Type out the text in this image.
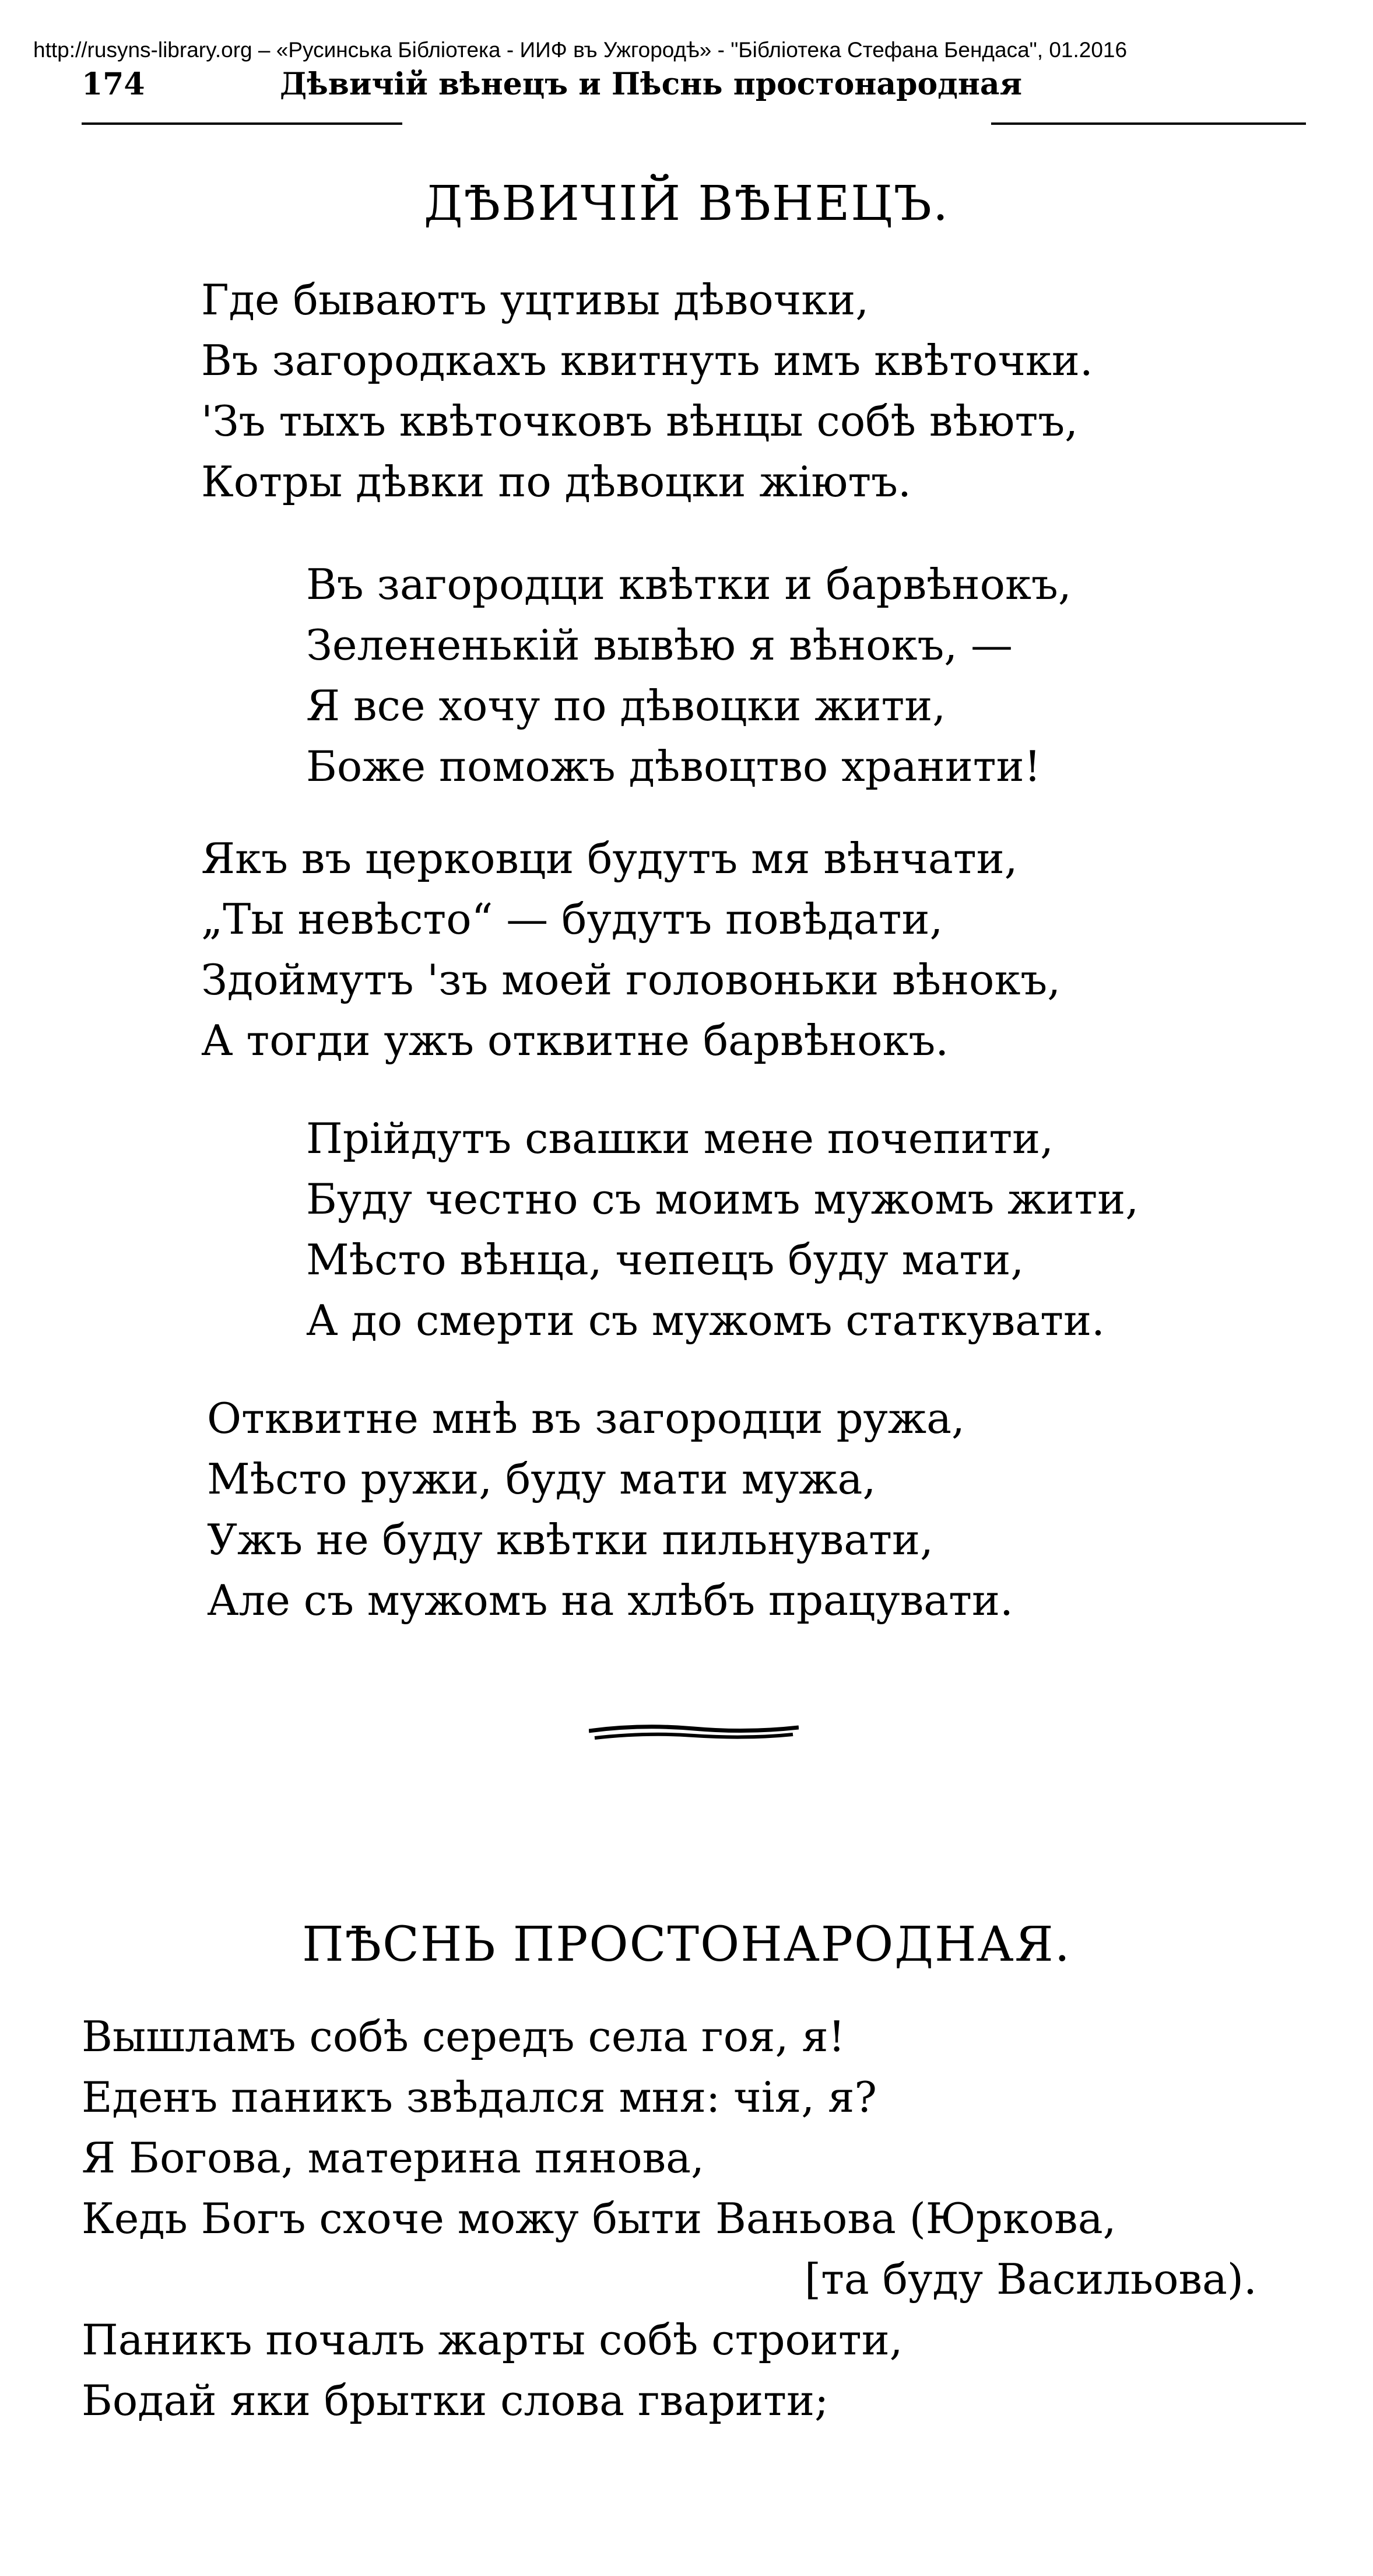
http://rusyns-library.org – «Русинська Бібліотека - ИИФ въ Ужгородѣ» - "Бібліотека Стефана Бендаса", 01.2016
174	Дѣвичій вѣнецъ и Пѣснь простонародная
ДѢВИЧІЙ ВѢНЕЦЪ.
Где бываютъ уцтивы дѣвочки,
Въ загородкахъ квитнуть имъ квѣточки.
'Зъ тыхъ квѣточковъ вѣнцы собѣ вѣютъ,
Котры дѣвки по дѣвоцки жіютъ.
Въ загородци квѣтки и барвѣнокъ,
Зелененькій вывѣю я вѣнокъ, —
Я все хочу по дѣвоцки жити,
Боже поможъ дѣвоцтво хранити!
Якъ въ церковци будутъ мя вѣнчати,
„Ты невѣсто“ — будутъ повѣдати,
Здоймутъ 'зъ моей головоньки вѣнокъ,
А тогди ужъ отквитне барвѣнокъ.
Прійдутъ свашки мене почепити,
Буду честно съ моимъ мужомъ жити,
Мѣсто вѣнца, чепецъ буду мати,
А до смерти съ мужомъ статкувати.
Отквитне мнѣ въ загородци ружа,
Мѣсто ружи, буду мати мужа,
Ужъ не буду квѣтки пильнувати,
Але съ мужомъ на хлѣбъ працувати.
ПѢСНЬ ПРОСТОНАРОДНАЯ.
Вышламъ собѣ середъ села гоя, я!
Еденъ паникъ звѣдался мня: чія, я?
Я Богова, материна пянова,
Кедь Богъ схоче можу быти Ваньова (Юркова,
[та буду Васильова).
Паникъ почалъ жарты собѣ строити,
Бодай яки брытки слова гварити;
